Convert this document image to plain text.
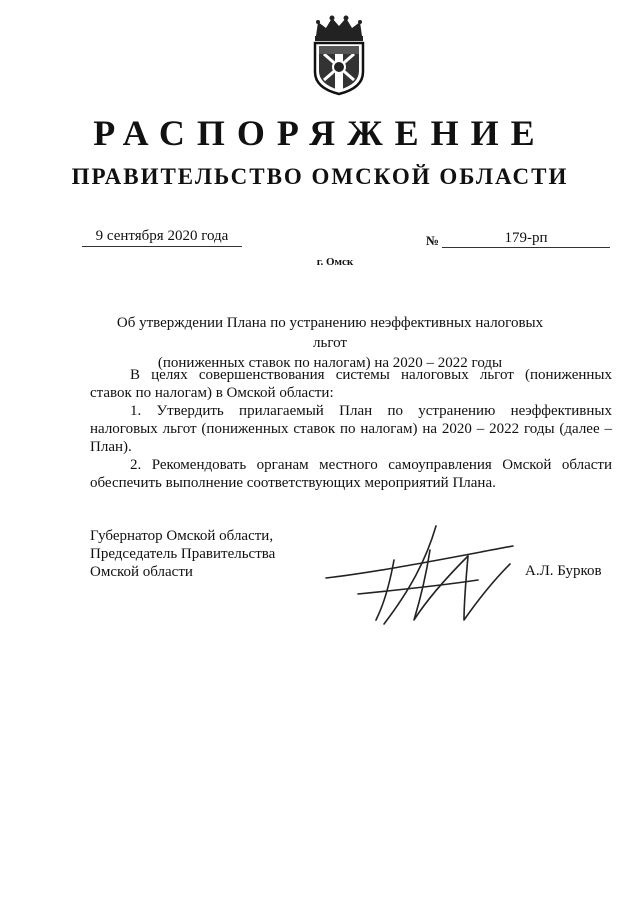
РАСПОРЯЖЕНИЕ
ПРАВИТЕЛЬСТВО ОМСКОЙ ОБЛАСТИ
9 сентября 2020 года	№	179-рп
г. Омск
Об утверждении Плана по устранению неэффективных налоговых льгот
(пониженных ставок по налогам) на 2020 – 2022 годы

В целях совершенствования системы налоговых льгот (пониженных ставок по налогам) в Омской области:

1. Утвердить прилагаемый План по устранению неэффективных налоговых льгот (пониженных ставок по налогам) на 2020 – 2022 годы (далее – План).

2. Рекомендовать органам местного самоуправления Омской области обеспечить выполнение соответствующих мероприятий Плана.

Губернатор Омской области,
Председатель Правительства
Омской области	А.Л. Бурков
